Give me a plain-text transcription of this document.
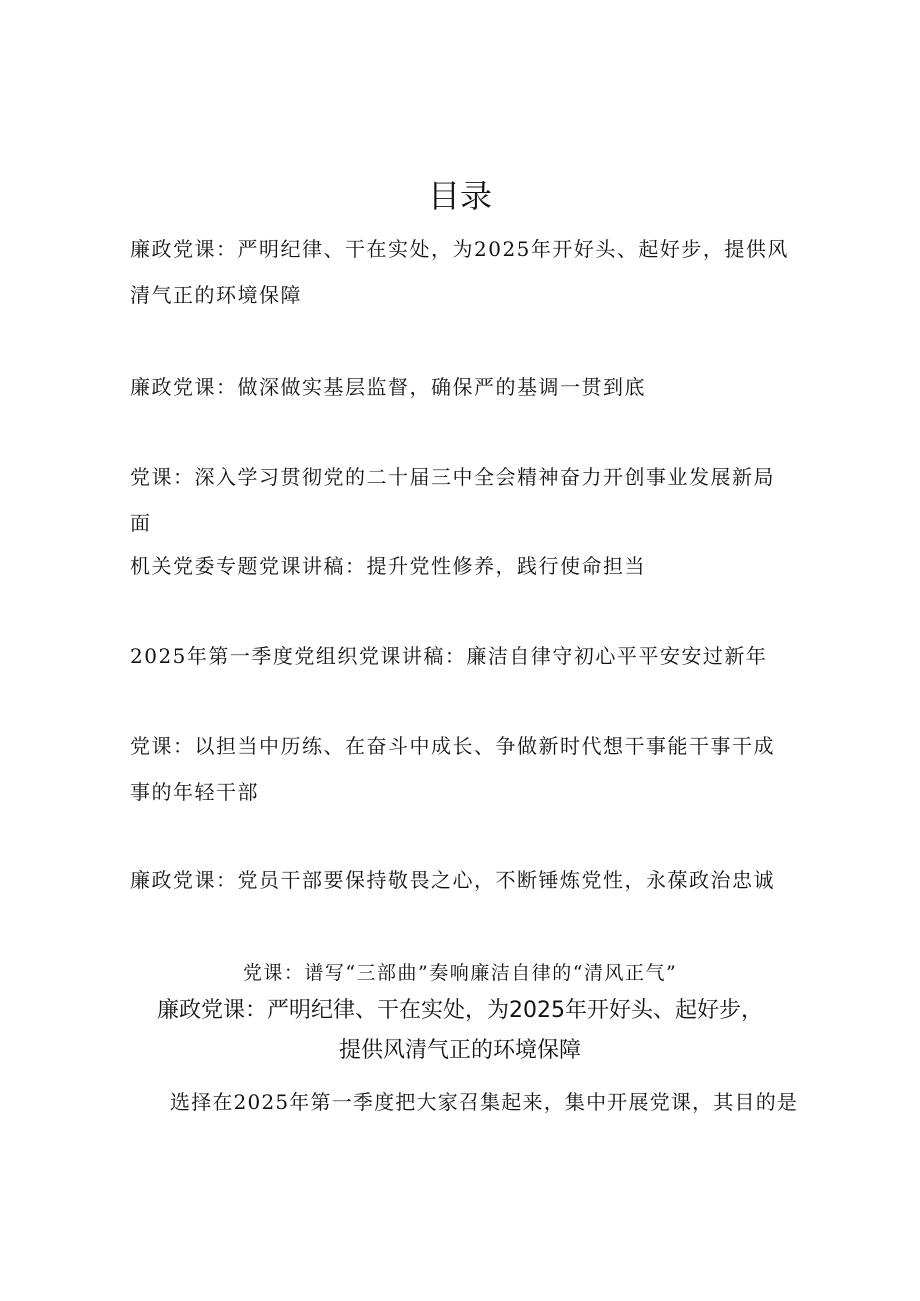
目录

廉政党课：严明纪律、干在实处，为2025年开好头、起好步，提供风清气正的环境保障

廉政党课：做深做实基层监督，确保严的基调一贯到底

党课：深入学习贯彻党的二十届三中全会精神奋力开创事业发展新局面

机关党委专题党课讲稿：提升党性修养，践行使命担当

2025年第一季度党组织党课讲稿：廉洁自律守初心平平安安过新年

党课：以担当中历练、在奋斗中成长、争做新时代想干事能干事干成事的年轻干部

廉政党课：党员干部要保持敬畏之心，不断锤炼党性，永葆政治忠诚

党课：谱写“三部曲”奏响廉洁自律的“清风正气”

廉政党课：严明纪律、干在实处，为2025年开好头、起好步，
提供风清气正的环境保障

选择在2025年第一季度把大家召集起来，集中开展党课，其目的是
